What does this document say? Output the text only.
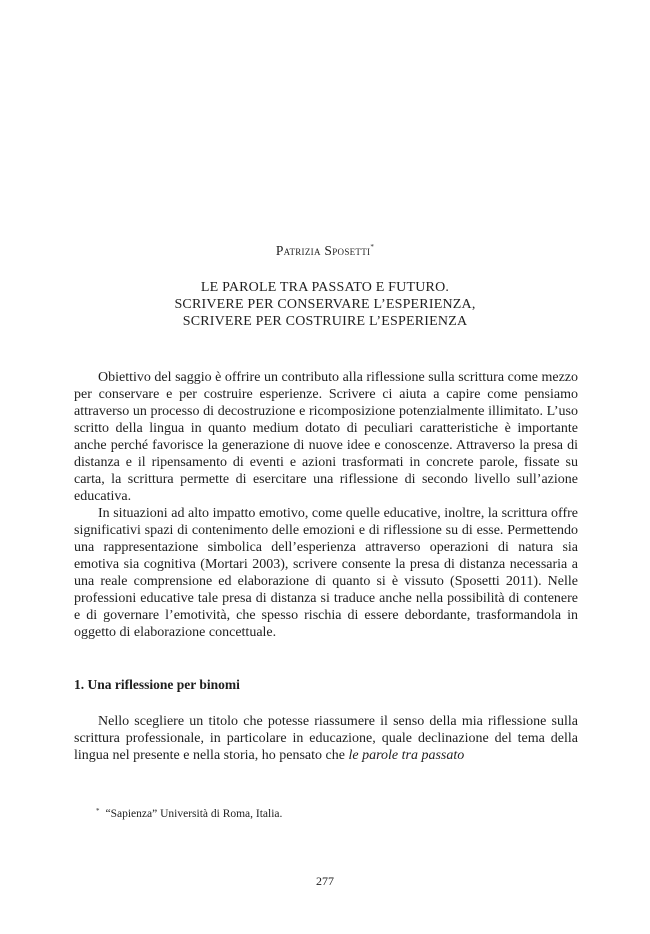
Patrizia Sposetti*
LE PAROLE TRA PASSATO E FUTURO.
SCRIVERE PER CONSERVARE L’ESPERIENZA,
SCRIVERE PER COSTRUIRE L’ESPERIENZA

Obiettivo del saggio è offrire un contributo alla riflessione sulla scrittura come mezzo per conservare e per costruire esperienze. Scrivere ci aiuta a capire come pensiamo attraverso un processo di decostruzione e ricomposizione potenzialmente illimitato. L’uso scritto della lingua in quanto medium dotato di peculiari caratteristiche è importante anche perché favorisce la generazione di nuove idee e conoscenze. Attraverso la presa di distanza e il ripensamento di eventi e azioni trasformati in concrete parole, fissate su carta, la scrittura permette di esercitare una riflessione di secondo livello sull’azione educativa.

In situazioni ad alto impatto emotivo, come quelle educative, inoltre, la scrittura offre significativi spazi di contenimento delle emozioni e di riflessione su di esse. Permettendo una rappresentazione simbolica dell’esperienza attraverso operazioni di natura sia emotiva sia cognitiva (Mortari 2003), scrivere consente la presa di distanza necessaria a una reale comprensione ed elaborazione di quanto si è vissuto (Sposetti 2011). Nelle professioni educative tale presa di distanza si traduce anche nella possibilità di contenere e di governare l’emotività, che spesso rischia di essere debordante, trasformandola in oggetto di elaborazione concettuale.

1. Una riflessione per binomi

Nello scegliere un titolo che potesse riassumere il senso della mia riflessione sulla scrittura professionale, in particolare in educazione, quale declinazione del tema della lingua nel presente e nella storia, ho pensato che le parole tra passato

* “Sapienza” Università di Roma, Italia.
277
